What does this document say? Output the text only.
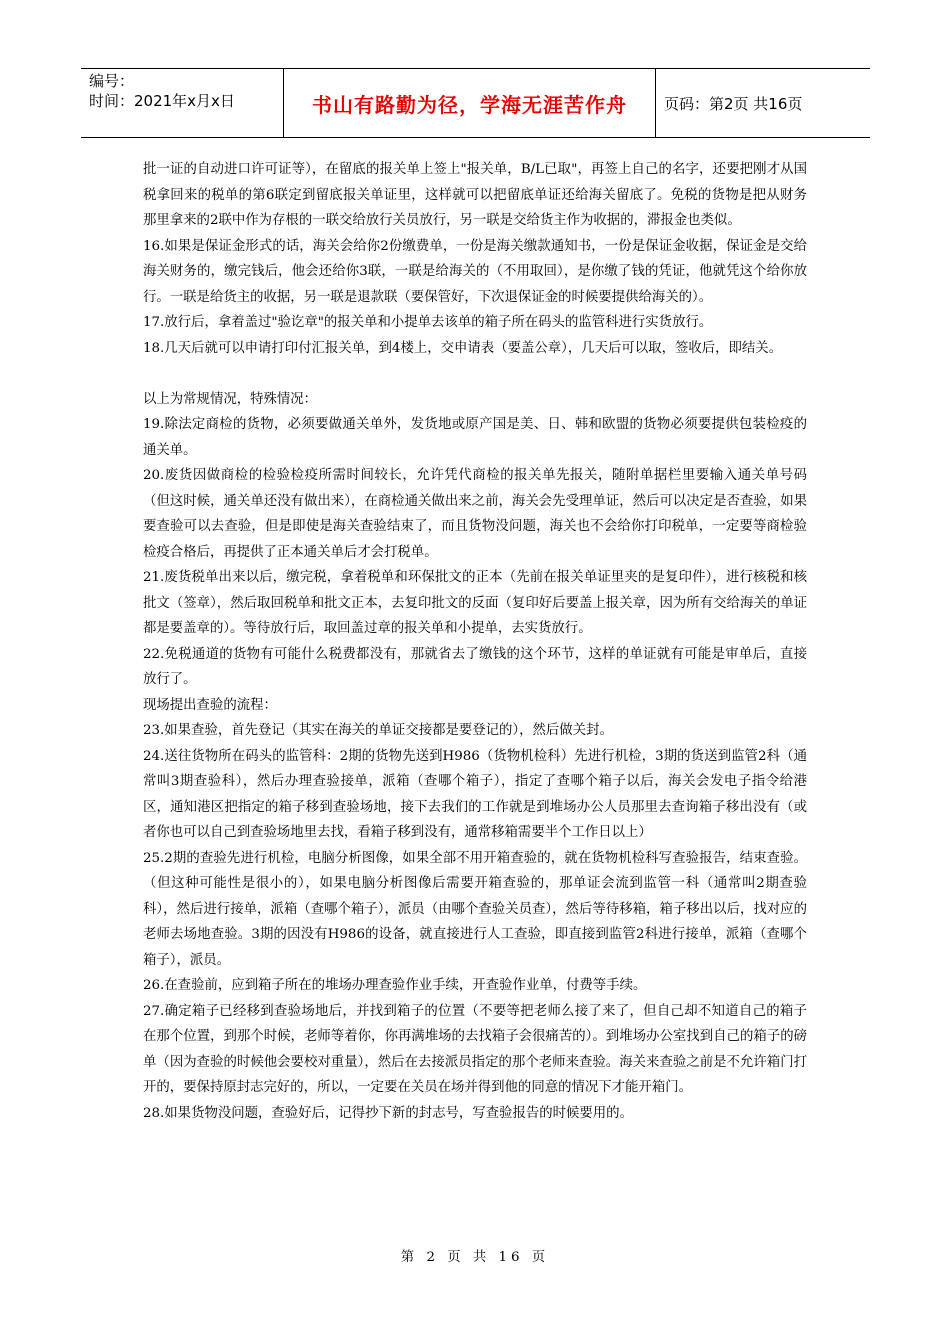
编号：
时间：2021年x月x日	书山有路勤为径，学海无涯苦作舟	页码：第2页 共16页

批一证的自动进口许可证等），在留底的报关单上签上"报关单，B/L已取"，再签上自己的名字，还要把刚才从国税拿回来的税单的第6联定到留底报关单证里，这样就可以把留底单证还给海关留底了。免税的货物是把从财务那里拿来的2联中作为存根的一联交给放行关员放行，另一联是交给货主作为收据的，滞报金也类似。

16.如果是保证金形式的话，海关会给你2份缴费单，一份是海关缴款通知书，一份是保证金收据，保证金是交给海关财务的，缴完钱后，他会还给你3联，一联是给海关的（不用取回），是你缴了钱的凭证，他就凭这个给你放行。一联是给货主的收据，另一联是退款联（要保管好，下次退保证金的时候要提供给海关的）。

17.放行后，拿着盖过"验讫章"的报关单和小提单去该单的箱子所在码头的监管科进行实货放行。

18.几天后就可以申请打印付汇报关单，到4楼上，交申请表（要盖公章），几天后可以取，签收后，即结关。

以上为常规情况，特殊情况：

19.除法定商检的货物，必须要做通关单外，发货地或原产国是美、日、韩和欧盟的货物必须要提供包装检疫的通关单。

20.废货因做商检的检验检疫所需时间较长，允许凭代商检的报关单先报关，随附单据栏里要输入通关单号码（但这时候，通关单还没有做出来），在商检通关做出来之前，海关会先受理单证，然后可以决定是否查验，如果要查验可以去查验，但是即使是海关查验结束了，而且货物没问题，海关也不会给你打印税单，一定要等商检验检疫合格后，再提供了正本通关单后才会打税单。

21.废货税单出来以后，缴完税，拿着税单和环保批文的正本（先前在报关单证里夹的是复印件），进行核税和核批文（签章），然后取回税单和批文正本，去复印批文的反面（复印好后要盖上报关章，因为所有交给海关的单证都是要盖章的）。等待放行后，取回盖过章的报关单和小提单，去实货放行。

22.免税通道的货物有可能什么税费都没有，那就省去了缴钱的这个环节，这样的单证就有可能是审单后，直接放行了。

现场提出查验的流程：

23.如果查验，首先登记（其实在海关的单证交接都是要登记的），然后做关封。

24.送往货物所在码头的监管科：2期的货物先送到H986（货物机检科）先进行机检，3期的货送到监管2科（通常叫3期查验科），然后办理查验接单，派箱（查哪个箱子），指定了查哪个箱子以后，海关会发电子指令给港区，通知港区把指定的箱子移到查验场地，接下去我们的工作就是到堆场办公人员那里去查询箱子移出没有（或者你也可以自己到查验场地里去找，看箱子移到没有，通常移箱需要半个工作日以上）

25.2期的查验先进行机检，电脑分析图像，如果全部不用开箱查验的，就在货物机检科写查验报告，结束查验。（但这种可能性是很小的），如果电脑分析图像后需要开箱查验的，那单证会流到监管一科（通常叫2期查验科），然后进行接单，派箱（查哪个箱子），派员（由哪个查验关员查），然后等待移箱，箱子移出以后，找对应的老师去场地查验。3期的因没有H986的设备，就直接进行人工查验，即直接到监管2科进行接单，派箱（查哪个箱子），派员。

26.在查验前，应到箱子所在的堆场办理查验作业手续，开查验作业单，付费等手续。

27.确定箱子已经移到查验场地后，并找到箱子的位置（不要等把老师么接了来了，但自己却不知道自己的箱子在那个位置，到那个时候，老师等着你，你再满堆场的去找箱子会很痛苦的）。到堆场办公室找到自己的箱子的磅单（因为查验的时候他会要校对重量），然后在去接派员指定的那个老师来查验。海关来查验之前是不允许箱门打开的，要保持原封志完好的，所以，一定要在关员在场并得到他的同意的情况下才能开箱门。

28.如果货物没问题，查验好后，记得抄下新的封志号，写查验报告的时候要用的。

第 2 页 共 16 页
